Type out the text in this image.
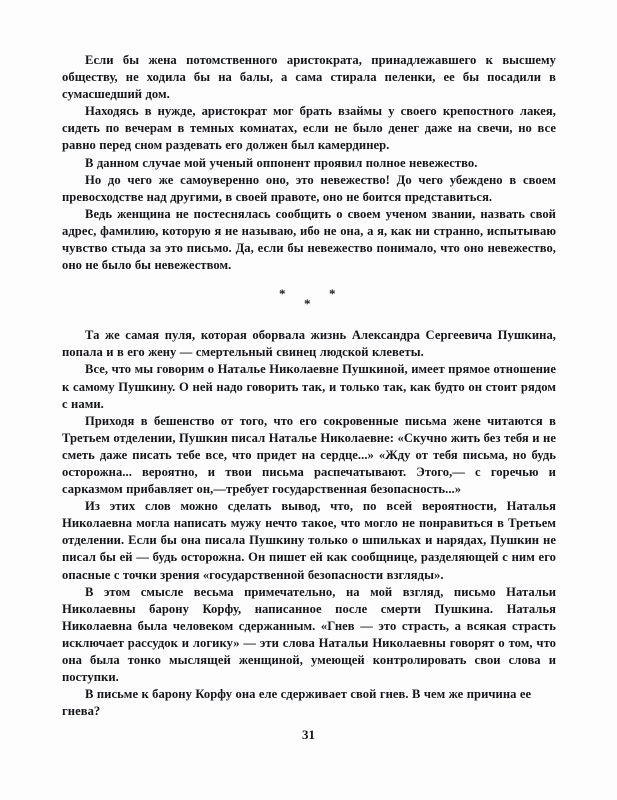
Если бы жена потомственного аристократа, принадлежавшего к высшему обществу, не ходила бы на балы, а сама стирала пеленки, ее бы посадили в сумасшедший дом.

Находясь в нужде, аристократ мог брать взаймы у своего крепостного лакея, сидеть по вечерам в темных комнатах, если не было денег даже на свечи, но все равно перед сном раздевать его должен был камердинер.

В данном случае мой ученый оппонент проявил полное невежество.

Но до чего же самоуверенно оно, это невежество! До чего убеждено в своем превосходстве над другими, в своей правоте, оно не боится представиться.

Ведь женщина не постеснялась сообщить о своем ученом звании, назвать свой адрес, фамилию, которую я не называю, ибо не она, а я, как ни странно, испытываю чувство стыда за это письмо. Да, если бы невежество понимало, что оно невежество, оно не было бы невежеством.

*
*
*

Та же самая пуля, которая оборвала жизнь Александра Сергеевича Пушкина, попала и в его жену — смертельный свинец людской клеветы.

Все, что мы говорим о Наталье Николаевне Пушкиной, имеет прямое отношение к самому Пушкину. О ней надо говорить так, и только так, как будто он стоит рядом с нами.

Приходя в бешенство от того, что его сокровенные письма жене читаются в Третьем отделении, Пушкин писал Наталье Николаевне: «Скучно жить без тебя и не сметь даже писать тебе все, что придет на сердце...» «Жду от тебя письма, но будь осторожна... вероятно, и твои письма распечатывают. Этого,— с горечью и сарказмом прибавляет он,—требует государственная безопасность...»

Из этих слов можно сделать вывод, что, по всей вероятности, Наталья Николаевна могла написать мужу нечто такое, что могло не понравиться в Третьем отделении. Если бы она писала Пушкину только о шпильках и нарядах, Пушкин не писал бы ей — будь осторожна. Он пишет ей как сообщнице, разделяющей с ним его опасные с точки зрения «государственной безопасности взгляды».

В этом смысле весьма примечательно, на мой взгляд, письмо Натальи Николаевны барону Корфу, написанное после смерти Пушкина. Наталья Николаевна была человеком сдержанным. «Гнев — это страсть, а всякая страсть исключает рассудок и логику» — эти слова Натальи Николаевны говорят о том, что она была тонко мыслящей женщиной, умеющей контролировать свои слова и поступки.

В письме к барону Корфу она еле сдерживает свой гнев. В чем же причина ее гнева?

31
